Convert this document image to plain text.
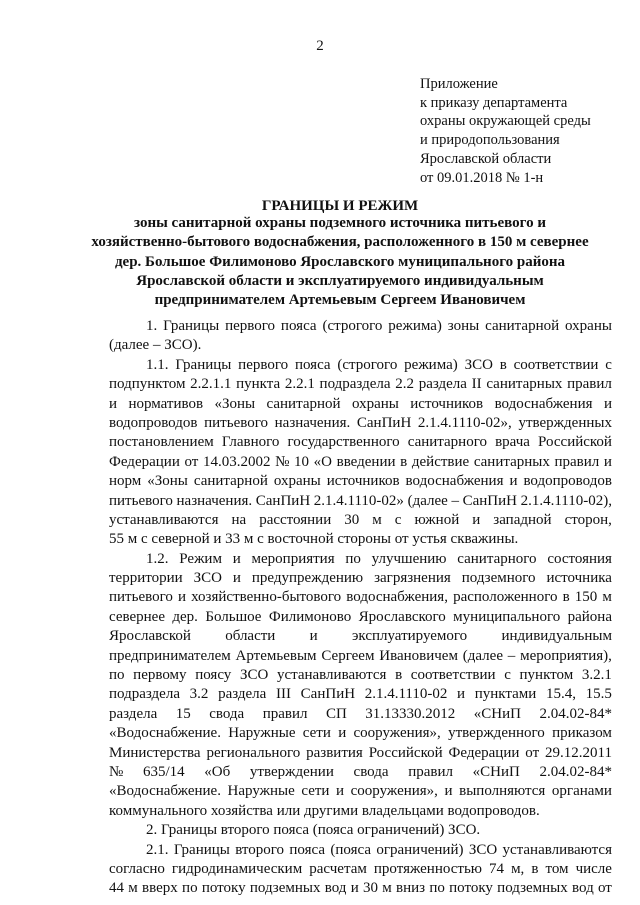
2
Приложение
к приказу департамента
охраны окружающей среды
и природопользования
Ярославской области
от 09.01.2018 № 1-н
ГРАНИЦЫ И РЕЖИМ
зоны санитарной охраны подземного источника питьевого и
хозяйственно-бытового водоснабжения, расположенного в 150 м севернее
дер. Большое Филимоново Ярославского муниципального района
Ярославской области и эксплуатируемого индивидуальным
предпринимателем Артемьевым Сергеем Ивановичем
1. Границы первого пояса (строгого режима) зоны санитарной охраны
(далее – ЗСО).
1.1. Границы первого пояса (строгого режима) ЗСО в соответствии с
подпунктом 2.2.1.1 пункта 2.2.1 подраздела 2.2 раздела II санитарных правил
и нормативов «Зоны санитарной охраны источников водоснабжения и
водопроводов питьевого назначения. СанПиН 2.1.4.1110-02», утвержденных
постановлением Главного государственного санитарного врача Российской
Федерации от 14.03.2002 № 10 «О введении в действие санитарных правил и
норм «Зоны санитарной охраны источников водоснабжения и водопроводов
питьевого назначения. СанПиН 2.1.4.1110-02» (далее – СанПиН 2.1.4.1110-02),
устанавливаются на расстоянии 30 м с южной и западной сторон,
55 м с северной и 33 м с восточной стороны от устья скважины.
1.2. Режим и мероприятия по улучшению санитарного состояния
территории ЗСО и предупреждению загрязнения подземного источника
питьевого и хозяйственно-бытового водоснабжения, расположенного в 150 м
севернее дер. Большое Филимоново Ярославского муниципального района
Ярославской области и эксплуатируемого индивидуальным
предпринимателем Артемьевым Сергеем Ивановичем (далее – мероприятия),
по первому поясу ЗСО устанавливаются в соответствии с пунктом 3.2.1
подраздела 3.2 раздела III СанПиН 2.1.4.1110-02 и пунктами 15.4, 15.5
раздела 15 свода правил СП 31.13330.2012 «СНиП 2.04.02-84*
«Водоснабжение. Наружные сети и сооружения», утвержденного приказом
Министерства регионального развития Российской Федерации от 29.12.2011
№ 635/14 «Об утверждении свода правил «СНиП 2.04.02-84*
«Водоснабжение. Наружные сети и сооружения», и выполняются органами
коммунального хозяйства или другими владельцами водопроводов.
2. Границы второго пояса (пояса ограничений) ЗСО.
2.1. Границы второго пояса (пояса ограничений) ЗСО устанавливаются
согласно гидродинамическим расчетам протяженностью 74 м, в том числе
44 м вверх по потоку подземных вод и 30 м вниз по потоку подземных вод от
